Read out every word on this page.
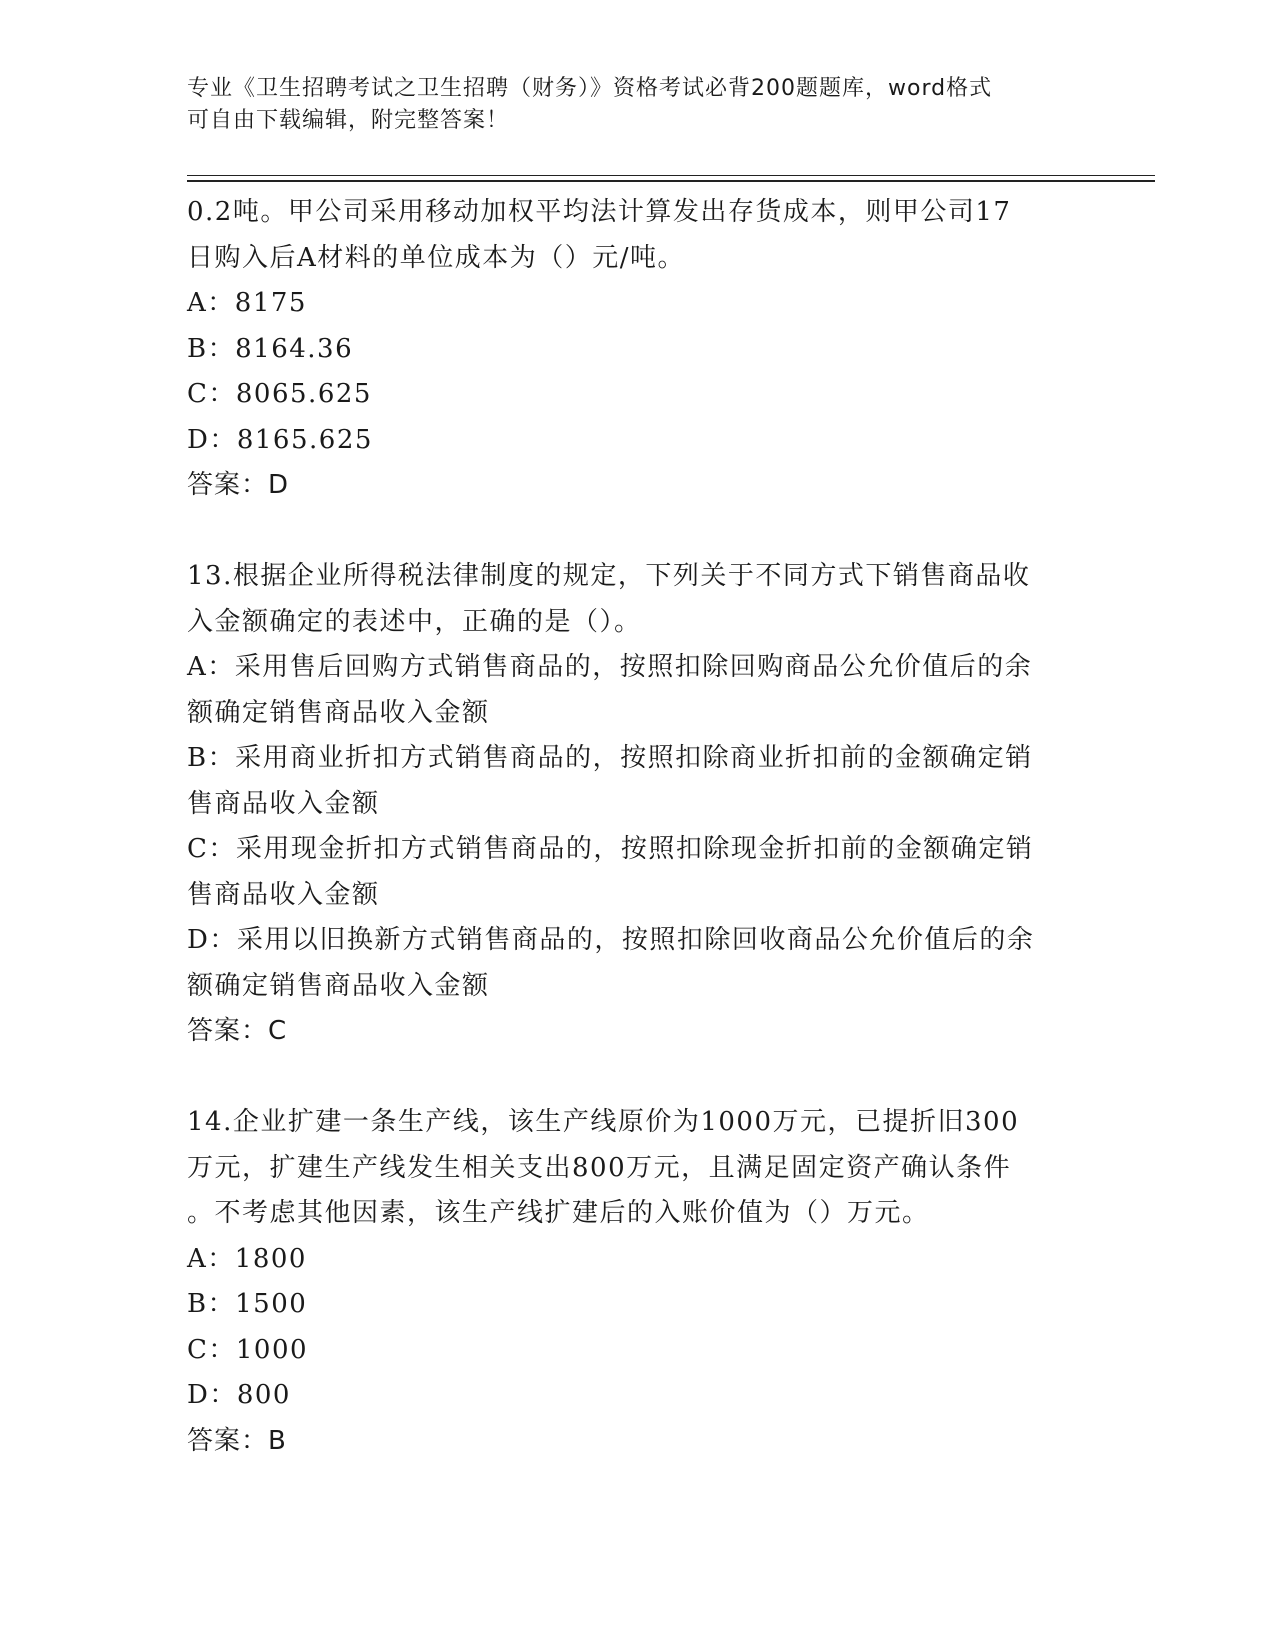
专业《卫生招聘考试之卫生招聘（财务）》资格考试必背200题题库，word格式
可自由下载编辑，附完整答案！

0.2吨。甲公司采用移动加权平均法计算发出存货成本，则甲公司17

日购入后A材料的单位成本为（）元/吨。

A：8175

B：8164.36

C：8065.625

D：8165.625

答案：D

13.根据企业所得税法律制度的规定，下列关于不同方式下销售商品收

入金额确定的表述中，正确的是（）。

A：采用售后回购方式销售商品的，按照扣除回购商品公允价值后的余

额确定销售商品收入金额

B：采用商业折扣方式销售商品的，按照扣除商业折扣前的金额确定销

售商品收入金额

C：采用现金折扣方式销售商品的，按照扣除现金折扣前的金额确定销

售商品收入金额

D：采用以旧换新方式销售商品的，按照扣除回收商品公允价值后的余

额确定销售商品收入金额

答案：C

14.企业扩建一条生产线，该生产线原价为1000万元，已提折旧300

万元，扩建生产线发生相关支出800万元，且满足固定资产确认条件

。不考虑其他因素，该生产线扩建后的入账价值为（）万元。

A：1800

B：1500

C：1000

D：800

答案：B
